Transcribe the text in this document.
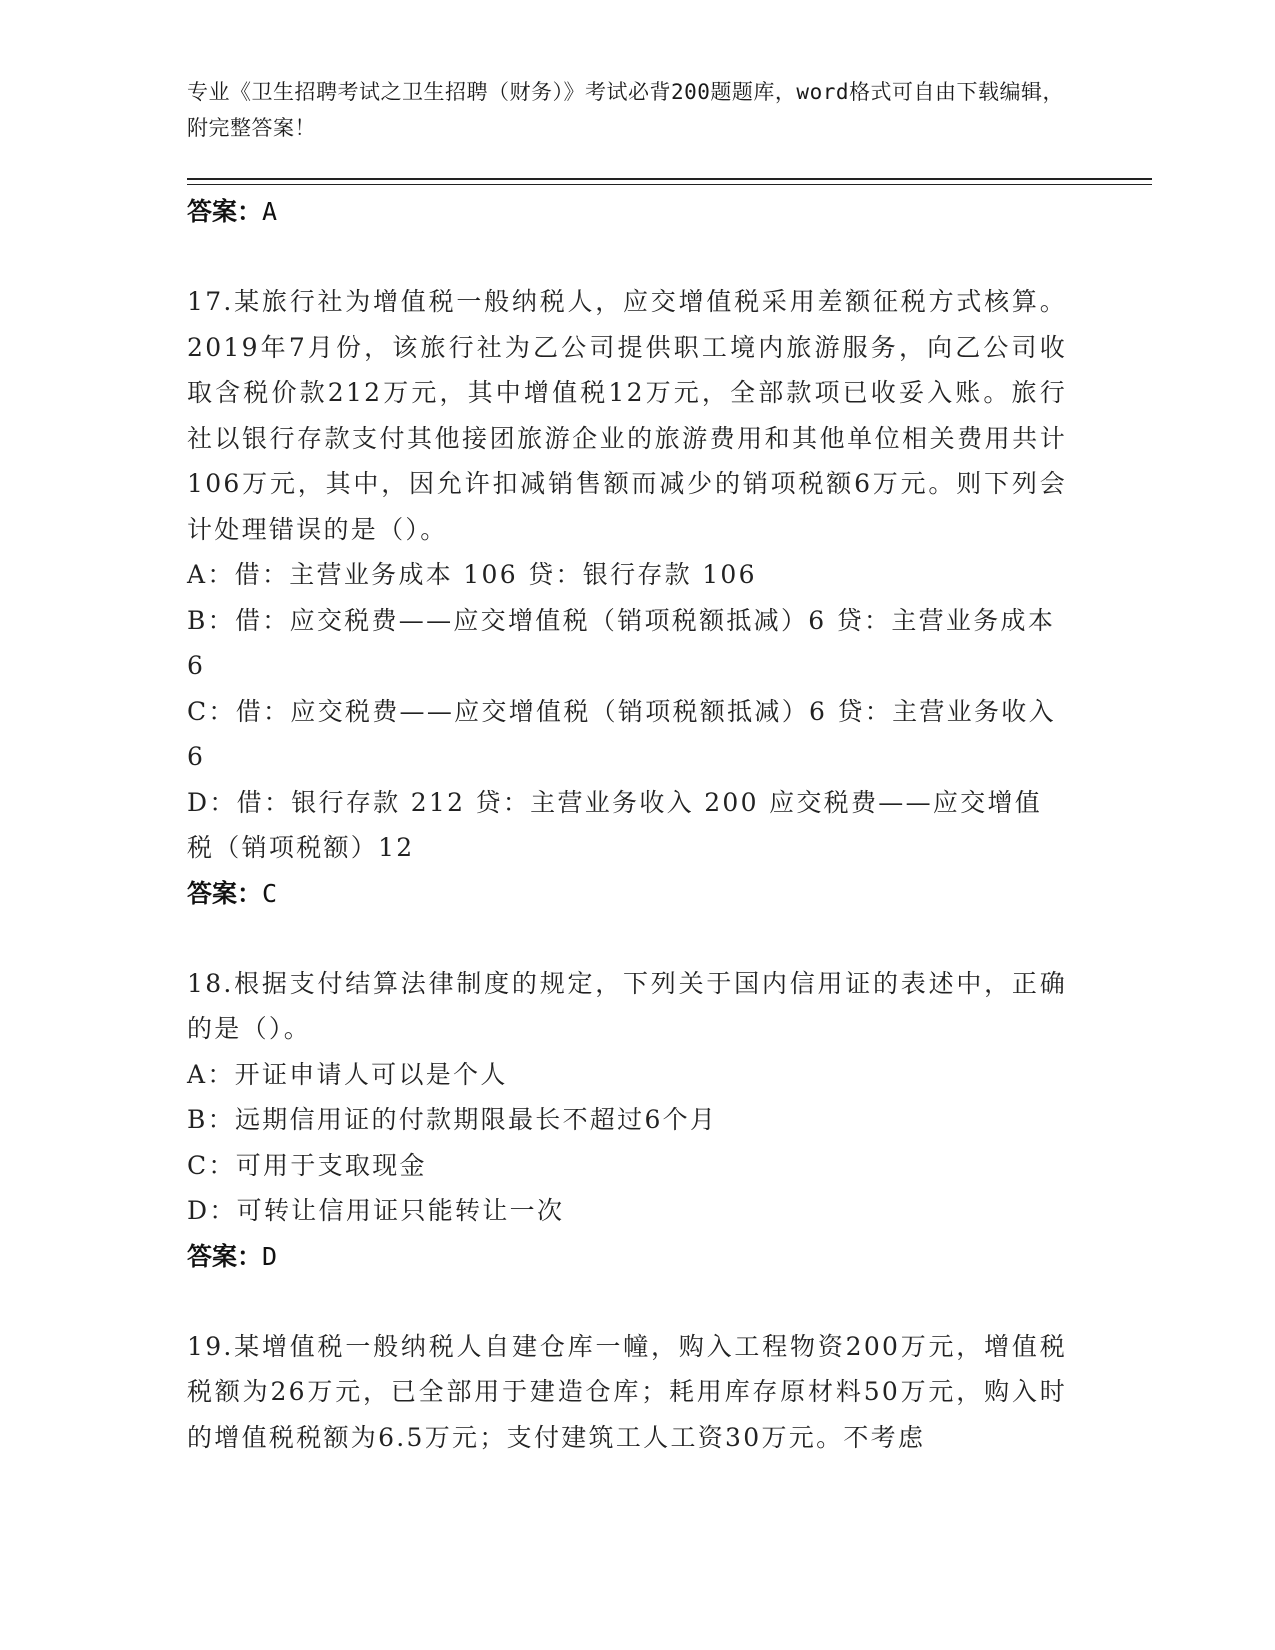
专业《卫生招聘考试之卫生招聘（财务）》考试必背200题题库，word格式可自由下载编辑，附完整答案！
答案：A
17.某旅行社为增值税一般纳税人，应交增值税采用差额征税方式核算。2019年7月份，该旅行社为乙公司提供职工境内旅游服务，向乙公司收取含税价款212万元，其中增值税12万元，全部款项已收妥入账。旅行社以银行存款支付其他接团旅游企业的旅游费用和其他单位相关费用共计106万元，其中，因允许扣减销售额而减少的销项税额6万元。则下列会计处理错误的是（）。
A：借：主营业务成本 106 贷：银行存款 106
B：借：应交税费——应交增值税（销项税额抵减）6 贷：主营业务成本 6
C：借：应交税费——应交增值税（销项税额抵减）6 贷：主营业务收入 6
D：借：银行存款 212 贷：主营业务收入 200 应交税费——应交增值税（销项税额）12
答案：C
18.根据支付结算法律制度的规定，下列关于国内信用证的表述中，正确的是（）。
A：开证申请人可以是个人
B：远期信用证的付款期限最长不超过6个月
C：可用于支取现金
D：可转让信用证只能转让一次
答案：D
19.某增值税一般纳税人自建仓库一幢，购入工程物资200万元，增值税税额为26万元，已全部用于建造仓库；耗用库存原材料50万元，购入时的增值税税额为6.5万元；支付建筑工人工资30万元。不考虑
